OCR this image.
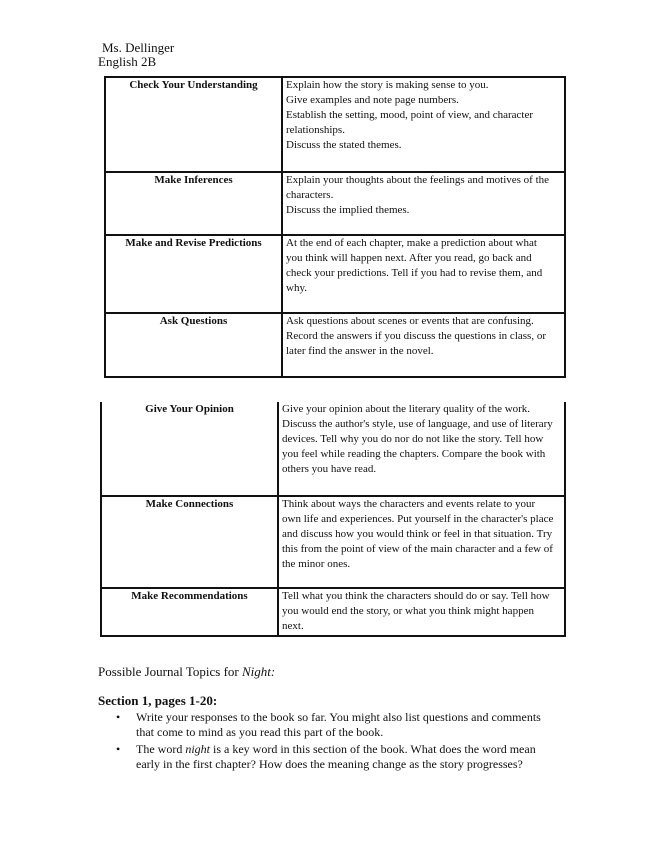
Ms. Dellinger
English 2B
Check Your Understanding	Explain how the story is making sense to you.
Give examples and note page numbers.
Establish the setting, mood, point of view, and character
relationships.
Discuss the stated themes.

Make Inferences	Explain your thoughts about the feelings and motives of the
characters.
Discuss the implied themes.

Make and Revise Predictions	At the end of each chapter, make a prediction about what
you think will happen next. After you read, go back and
check your predictions. Tell if you had to revise them, and
why.

Ask Questions	Ask questions about scenes or events that are confusing.
Record the answers if you discuss the questions in class, or
later find the answer in the novel.
Give Your Opinion	Give your opinion about the literary quality of the work.
Discuss the author's style, use of language, and use of literary
devices. Tell why you do nor do not like the story. Tell how
you feel while reading the chapters. Compare the book with
others you have read.

Make Connections	Think about ways the characters and events relate to your
own life and experiences. Put yourself in the character's place
and discuss how you would think or feel in that situation. Try
this from the point of view of the main character and a few of
the minor ones.

Make Recommendations	Tell what you think the characters should do or say. Tell how
you would end the story, or what you think might happen
next.
Possible Journal Topics for Night:
Section 1, pages 1-20:
• Write your responses to the book so far. You might also list questions and comments
that come to mind as you read this part of the book.
• The word night is a key word in this section of the book. What does the word mean
early in the first chapter? How does the meaning change as the story progresses?
